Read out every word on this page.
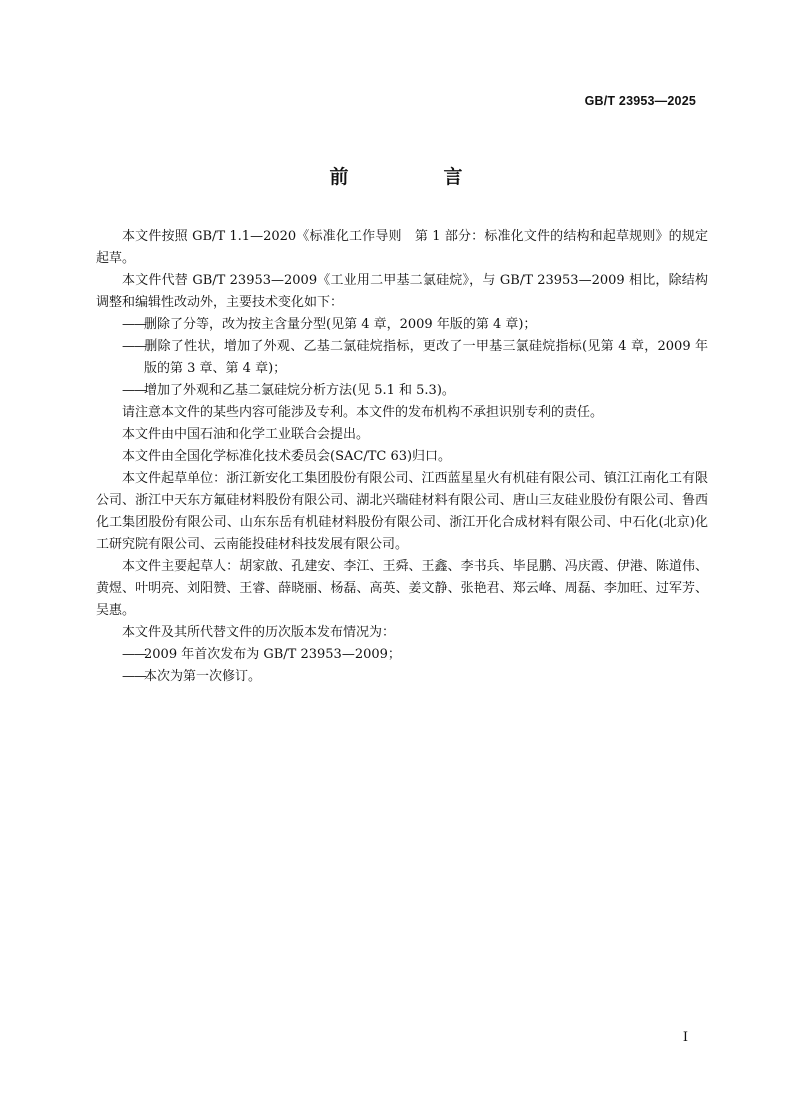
GB/T 23953—2025
前　言

本文件按照 GB/T 1.1—2020《标准化工作导则　第 1 部分：标准化文件的结构和起草规则》的规定起草。

本文件代替 GB/T 23953—2009《工业用二甲基二氯硅烷》，与 GB/T 23953—2009 相比，除结构调整和编辑性改动外，主要技术变化如下：

——删除了分等，改为按主含量分型(见第 4 章，2009 年版的第 4 章)；

——删除了性状，增加了外观、乙基二氯硅烷指标，更改了一甲基三氯硅烷指标(见第 4 章，2009 年版的第 3 章、第 4 章)；

——增加了外观和乙基二氯硅烷分析方法(见 5.1 和 5.3)。

请注意本文件的某些内容可能涉及专利。本文件的发布机构不承担识别专利的责任。

本文件由中国石油和化学工业联合会提出。

本文件由全国化学标准化技术委员会(SAC/TC 63)归口。

本文件起草单位：浙江新安化工集团股份有限公司、江西蓝星星火有机硅有限公司、镇江江南化工有限公司、浙江中天东方氟硅材料股份有限公司、湖北兴瑞硅材料有限公司、唐山三友硅业股份有限公司、鲁西化工集团股份有限公司、山东东岳有机硅材料股份有限公司、浙江开化合成材料有限公司、中石化(北京)化工研究院有限公司、云南能投硅材科技发展有限公司。

本文件主要起草人：胡家啟、孔建安、李江、王舜、王鑫、李书兵、毕昆鹏、冯庆霞、伊港、陈道伟、黄煜、叶明亮、刘阳赞、王睿、薛晓丽、杨磊、高英、姜文静、张艳君、郑云峰、周磊、李加旺、过军芳、吴惠。

本文件及其所代替文件的历次版本发布情况为：

——2009 年首次发布为 GB/T 23953—2009；

——本次为第一次修订。

I
